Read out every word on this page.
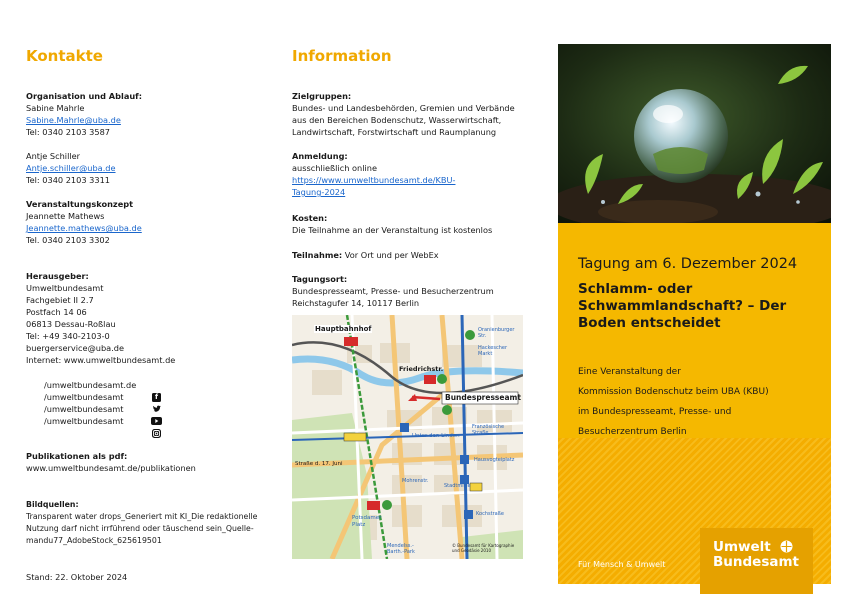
Kontakte
Organisation und Ablauf:
Sabine Mahrle
Sabine.Mahrle@uba.de
Tel: 0340 2103 3587
Antje Schiller
Antje.schiller@uba.de
Tel: 0340 2103 3311
Veranstaltungskonzept
Jeannette Mathews
Jeannette.mathews@uba.de
Tel. 0340 2103 3302
Herausgeber:
Umweltbundesamt
Fachgebiet II 2.7
Postfach 14 06
06813 Dessau-Roßlau
Tel: +49 340-2103-0
buergerservice@uba.de
Internet: www.umweltbundesamt.de
/umweltbundesamt.de
/umweltbundesamt
/umweltbundesamt
/umweltbundesamt
f
Publikationen als pdf:
www.umweltbundesamt.de/publikationen
Bildquellen:
Transparent water drops_Generiert mit KI_Die redaktionelle
Nutzung darf nicht irrführend oder täuschend sein_Quelle-
mandu77_AdobeStock_625619501
Stand: 22. Oktober 2024
Information
Zielgruppen:
Bundes- und Landesbehörden, Gremien und Verbände
aus den Bereichen Bodenschutz, Wasserwirtschaft,
Landwirtschaft, Forstwirtschaft und Raumplanung
Anmeldung:
ausschließlich online
https://www.umweltbundesamt.de/KBU-
Tagung-2024
Kosten:
Die Teilnahme an der Veranstaltung ist kostenlos
Teilnahme: Vor Ort und per WebEx
Tagungsort:
Bundespresseamt, Presse- und Besucherzentrum
Reichstagufer 14, 10117 Berlin
Hauptbahnhof
Bundespresseamt
Friedrichstr.
Unter den Linden
Straße d. 17. Juni
Potsdamer Platz
Oranienburger Str.
Hackescher Markt
Französische Straße
Hausvogteiplatz
Stadtmitte
Mohrenstr.
Kochstraße
Mendelss.- Barth.-Park
© Bundesamt für Kartographie und Geodäsie 2010
Tagung am 6. Dezember 2024
Schlamm- oder
Schwammlandschaft? – Der
Boden entscheidet
Eine Veranstaltung der
Kommission Bodenschutz beim UBA (KBU)
im Bundespresseamt, Presse- und
Besucherzentrum Berlin
Für Mensch & Umwelt
Umwelt
Bundesamt
